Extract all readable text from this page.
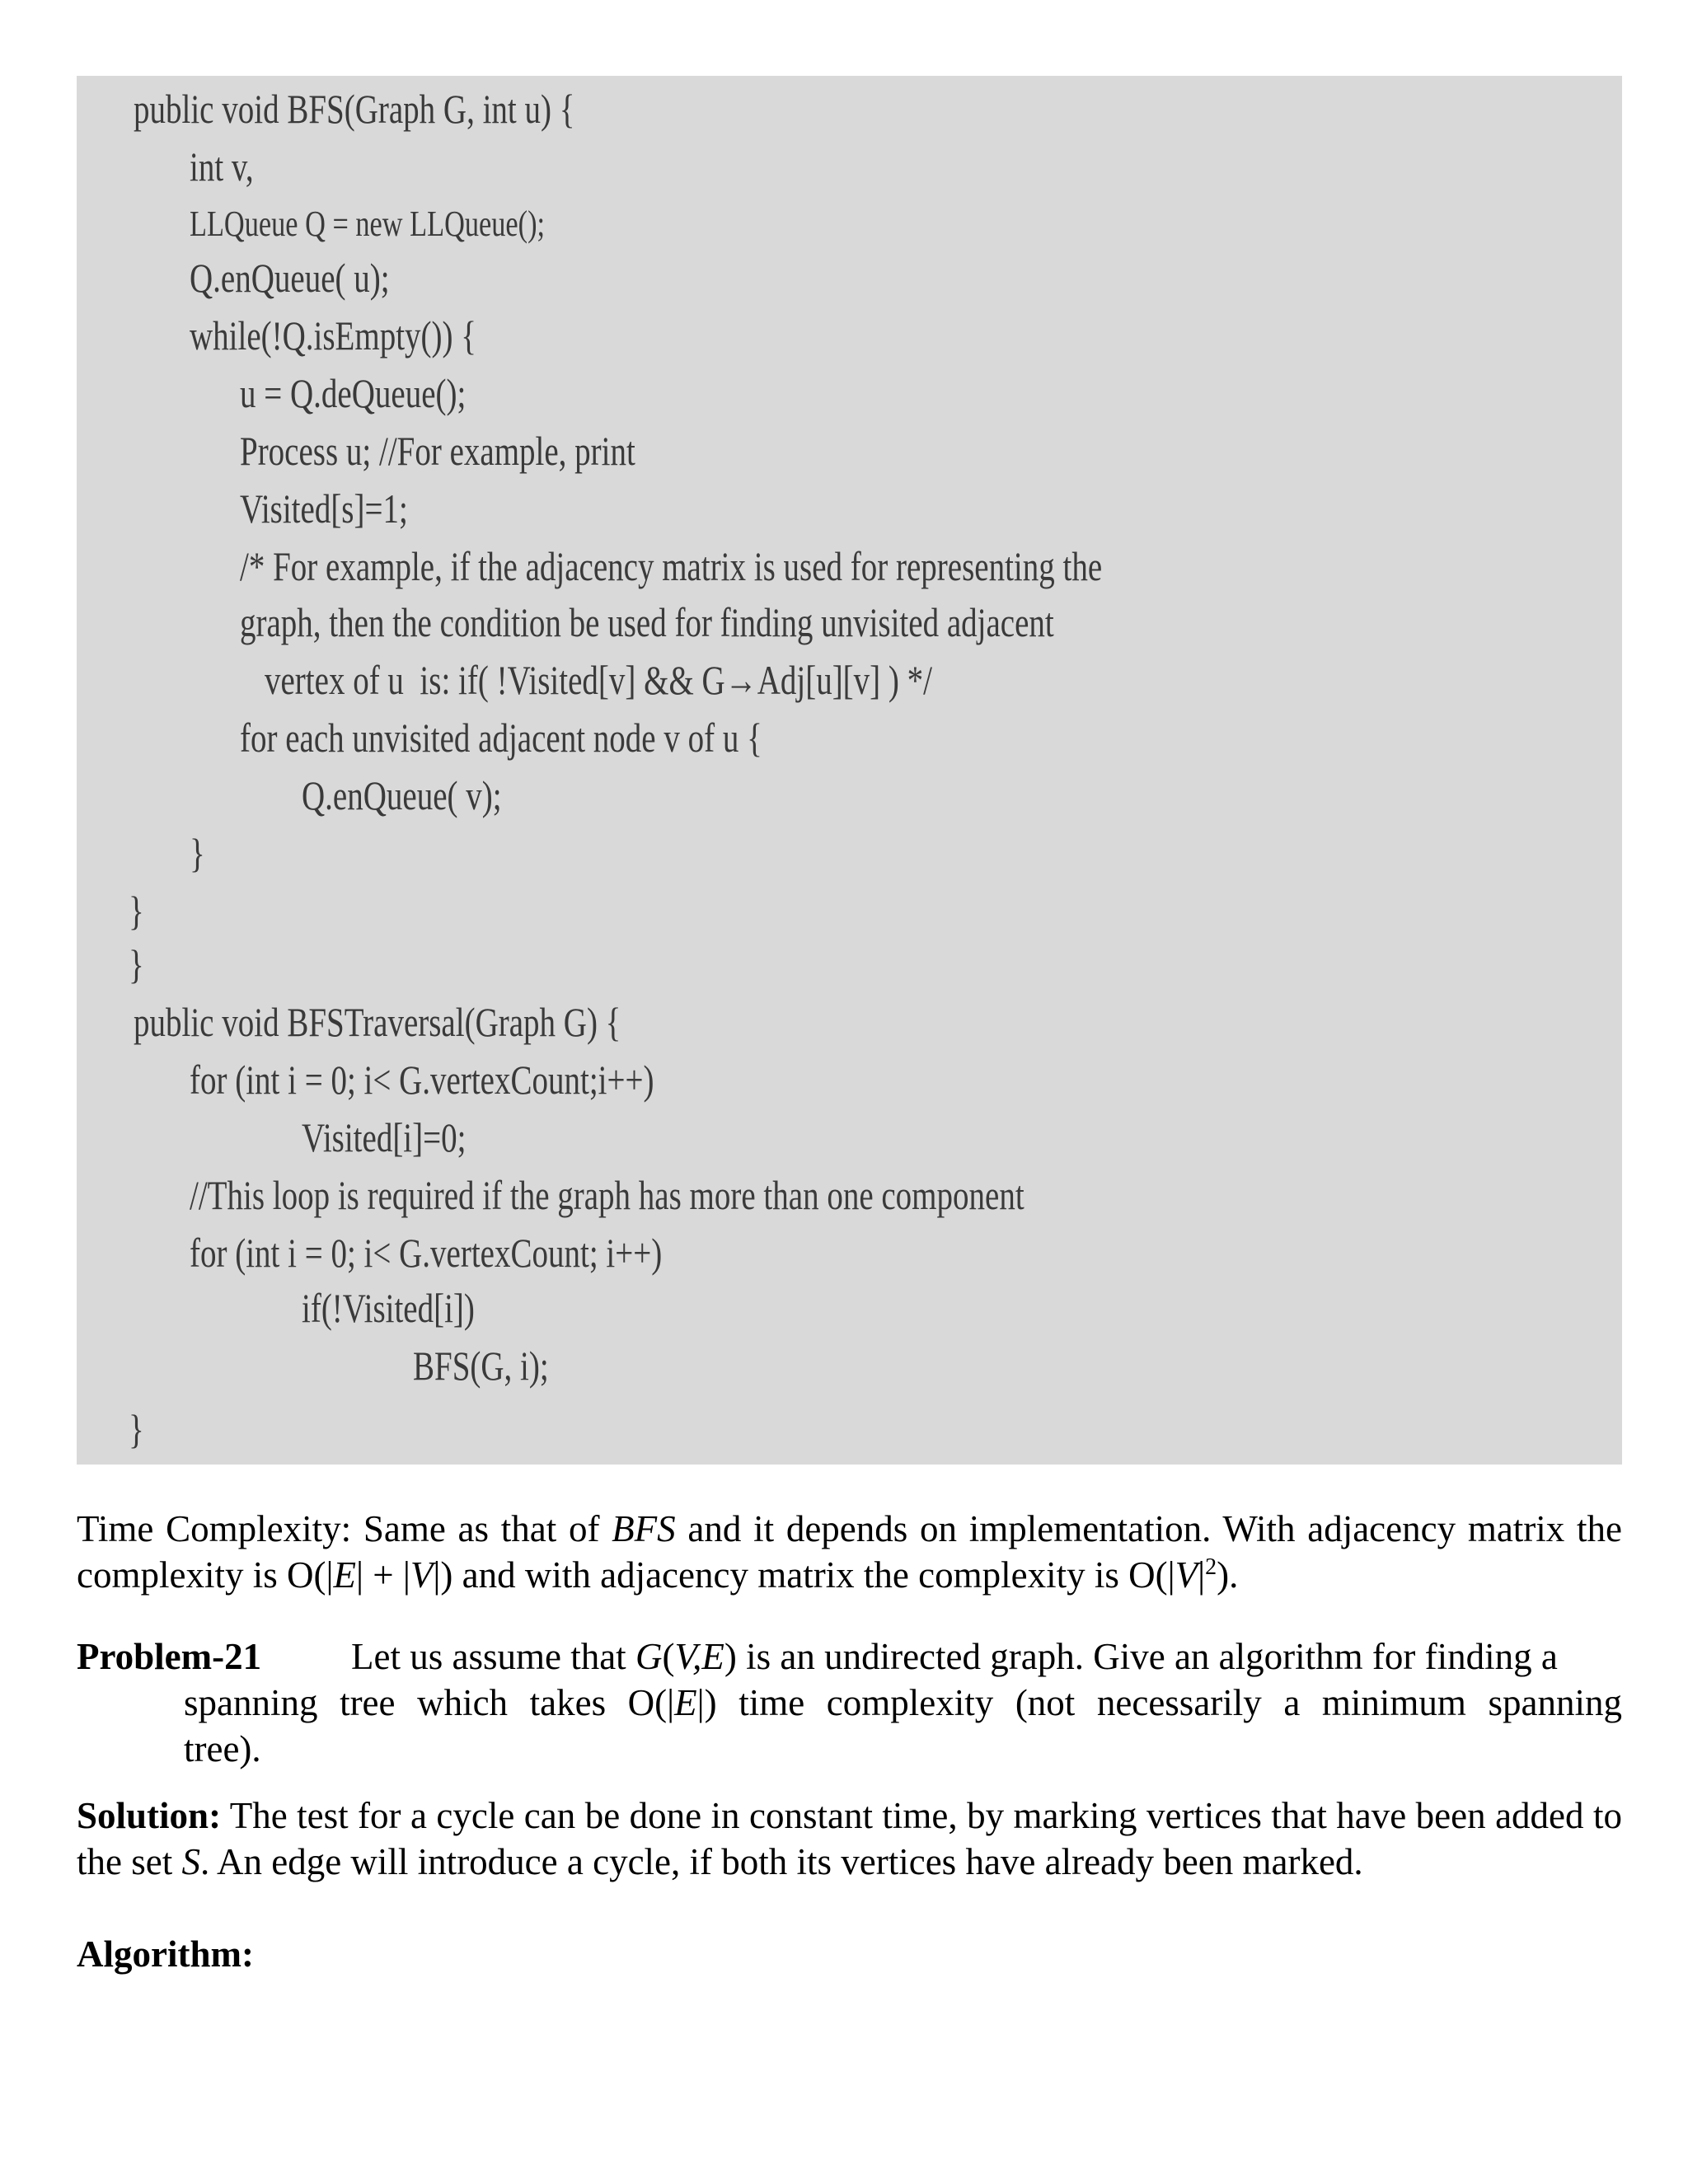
public void BFS(Graph G, int u) {
int v,
LLQueue Q = new LLQueue();
Q.enQueue( u);
while(!Q.isEmpty()) {
u = Q.deQueue();
Process u; //For example, print
Visited[s]=1;
/* For example, if the adjacency matrix is used for representing the
graph, then the condition be used for finding unvisited adjacent
vertex of u  is: if( !Visited[v] && G→Adj[u][v] ) */
for each unvisited adjacent node v of u {
Q.enQueue( v);
}
}
}
public void BFSTraversal(Graph G) {
for (int i = 0; i< G.vertexCount;i++)
Visited[i]=0;
//This loop is required if the graph has more than one component
for (int i = 0; i< G.vertexCount; i++)
if(!Visited[i])
BFS(G, i);
}

Time Complexity: Same as that of BFS and it depends on implementation. With adjacency matrix the complexity is O(|E| + |V|) and with adjacency matrix the complexity is $O(|V|^2)$.

Problem-21 Let us assume that G(V,E) is an undirected graph. Give an algorithm for finding a
spanning tree which takes O(|E|) time complexity (not necessarily a minimum spanning
tree).

Solution: The test for a cycle can be done in constant time, by marking vertices that have been added to the set S. An edge will introduce a cycle, if both its vertices have already been marked.

Algorithm:
